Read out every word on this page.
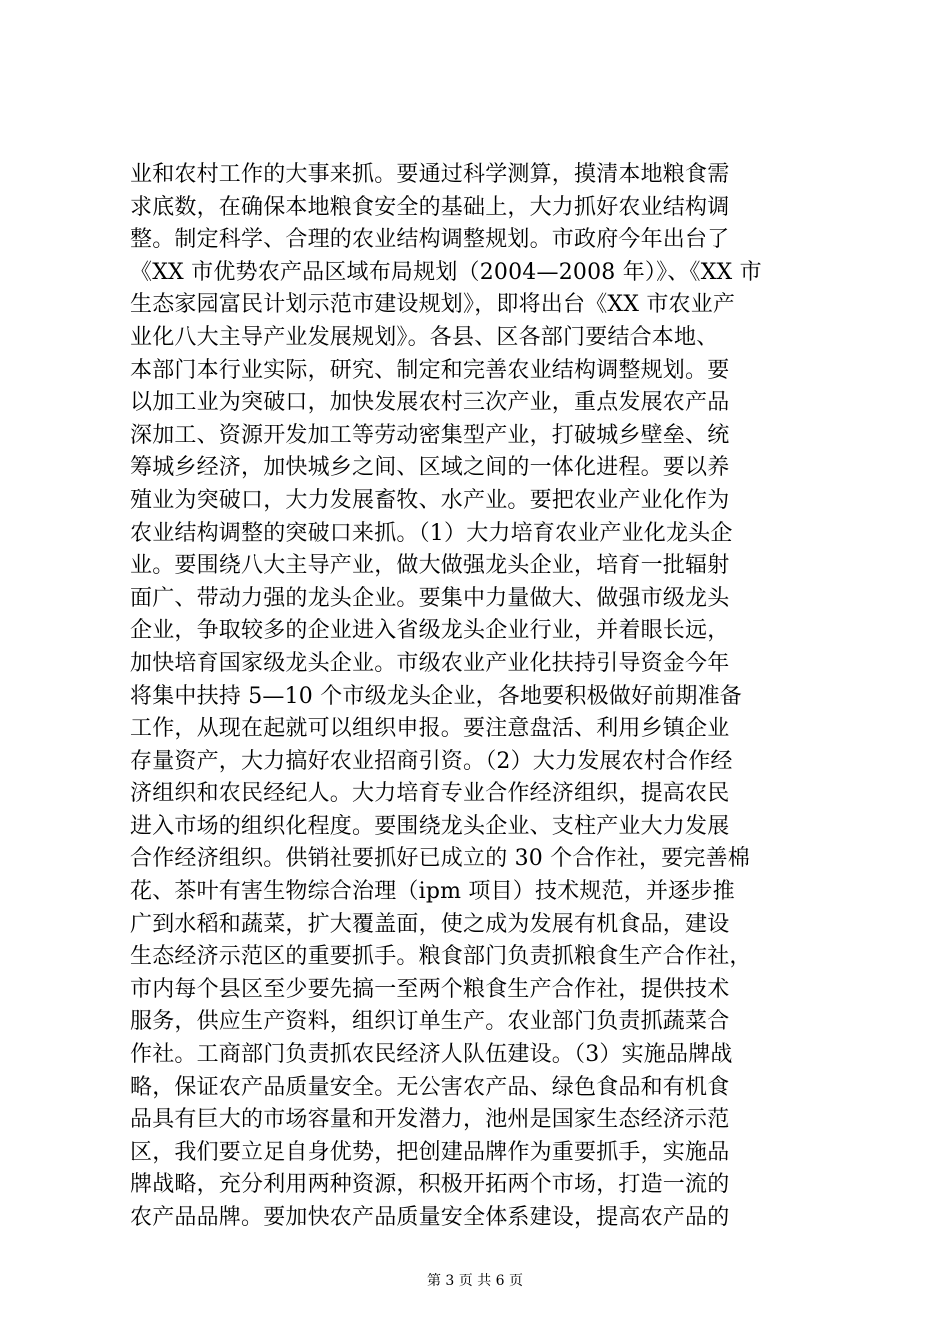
业和农村工作的大事来抓。要通过科学测算，摸清本地粮食需
求底数，在确保本地粮食安全的基础上，大力抓好农业结构调
整。制定科学、合理的农业结构调整规划。市政府今年出台了
《XX 市优势农产品区域布局规划（2004—2008 年）》、《XX 市
生态家园富民计划示范市建设规划》，即将出台《XX 市农业产
业化八大主导产业发展规划》。各县、区各部门要结合本地、
本部门本行业实际，研究、制定和完善农业结构调整规划。要
以加工业为突破口，加快发展农村三次产业，重点发展农产品
深加工、资源开发加工等劳动密集型产业，打破城乡壁垒、统
筹城乡经济，加快城乡之间、区域之间的一体化进程。要以养
殖业为突破口，大力发展畜牧、水产业。要把农业产业化作为
农业结构调整的突破口来抓。（1）大力培育农业产业化龙头企
业。要围绕八大主导产业，做大做强龙头企业，培育一批辐射
面广、带动力强的龙头企业。要集中力量做大、做强市级龙头
企业，争取较多的企业进入省级龙头企业行业，并着眼长远，
加快培育国家级龙头企业。市级农业产业化扶持引导资金今年
将集中扶持 5—10 个市级龙头企业，各地要积极做好前期准备
工作，从现在起就可以组织申报。要注意盘活、利用乡镇企业
存量资产，大力搞好农业招商引资。（2）大力发展农村合作经
济组织和农民经纪人。大力培育专业合作经济组织，提高农民
进入市场的组织化程度。要围绕龙头企业、支柱产业大力发展
合作经济组织。供销社要抓好已成立的 30 个合作社，要完善棉
花、茶叶有害生物综合治理（ipm 项目）技术规范，并逐步推
广到水稻和蔬菜，扩大覆盖面，使之成为发展有机食品，建设
生态经济示范区的重要抓手。粮食部门负责抓粮食生产合作社，
市内每个县区至少要先搞一至两个粮食生产合作社，提供技术
服务，供应生产资料，组织订单生产。农业部门负责抓蔬菜合
作社。工商部门负责抓农民经济人队伍建设。（3）实施品牌战
略，保证农产品质量安全。无公害农产品、绿色食品和有机食
品具有巨大的市场容量和开发潜力，池州是国家生态经济示范
区，我们要立足自身优势，把创建品牌作为重要抓手，实施品
牌战略，充分利用两种资源，积极开拓两个市场，打造一流的
农产品品牌。要加快农产品质量安全体系建设，提高农产品的
第 3 页 共 6 页
